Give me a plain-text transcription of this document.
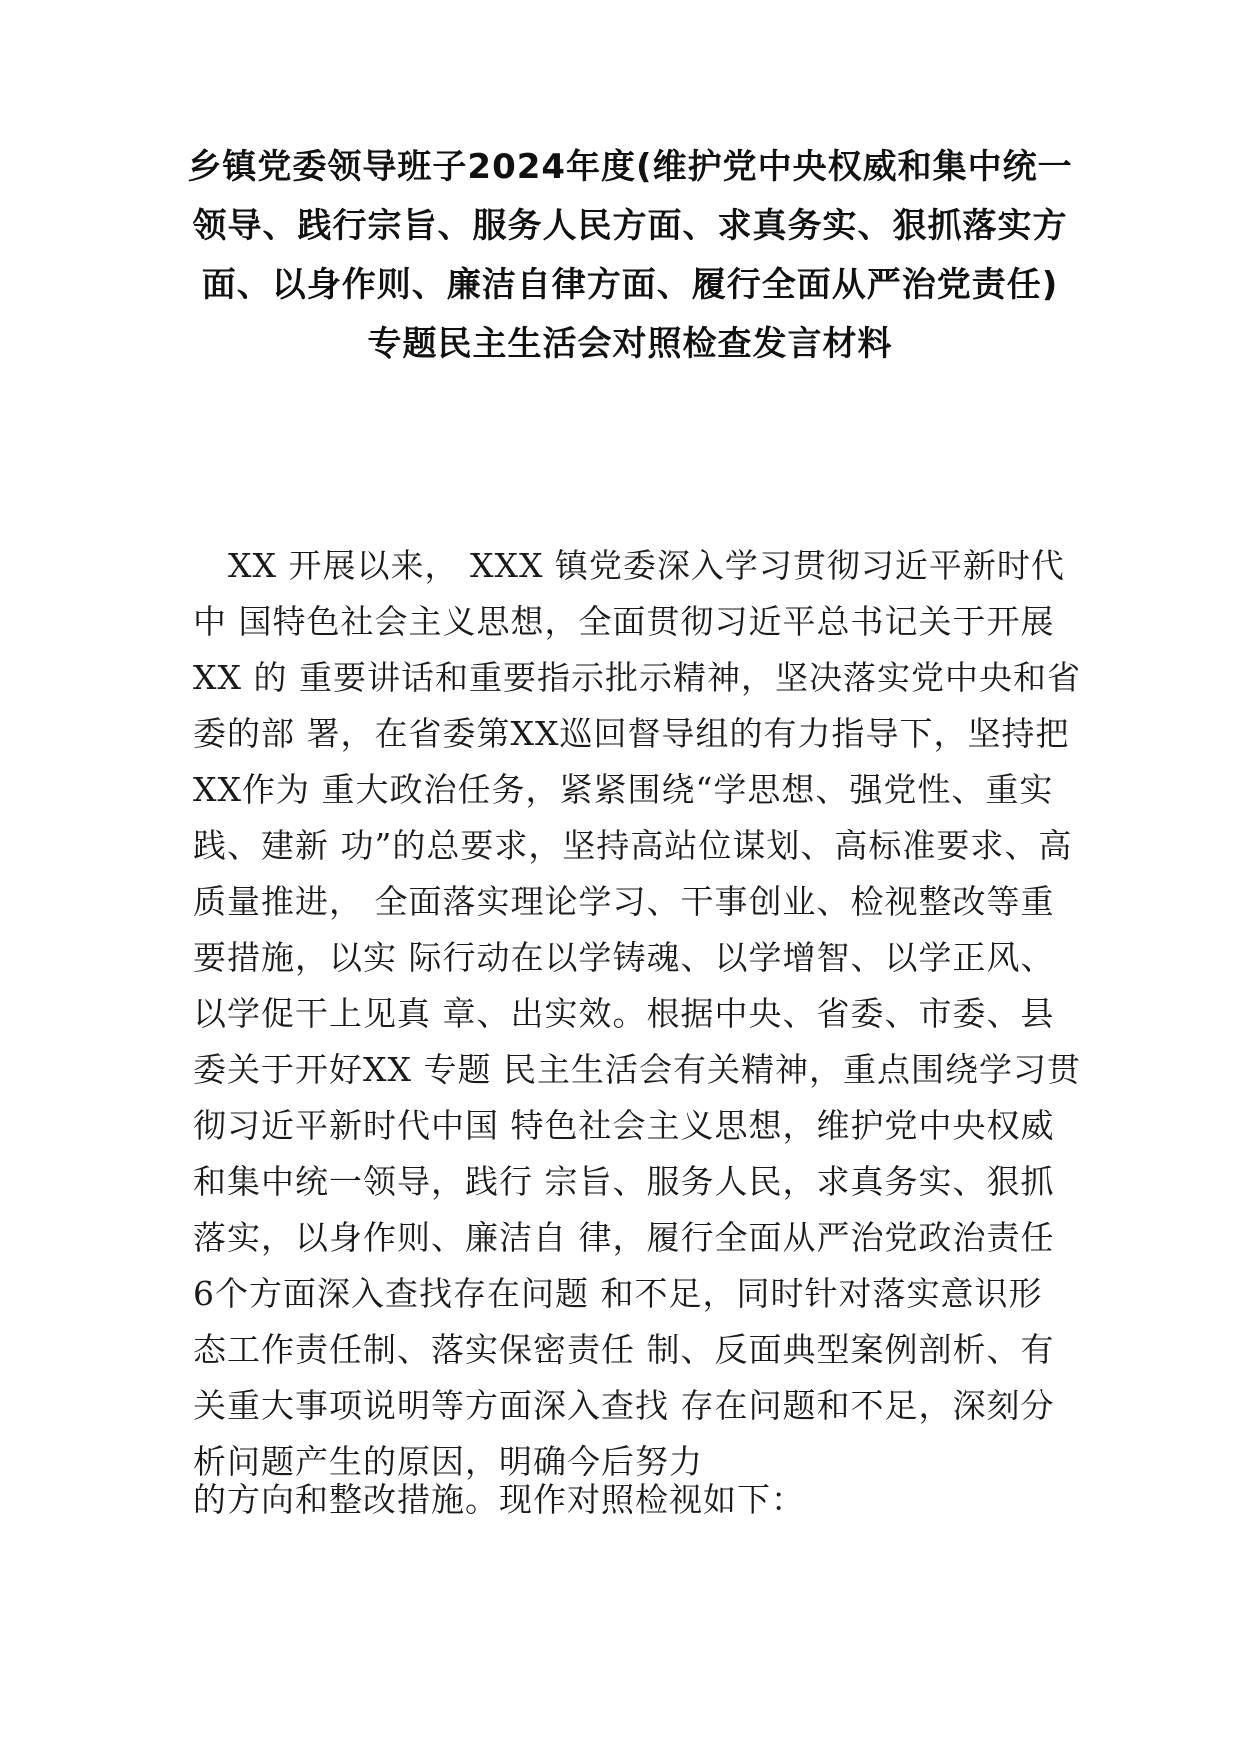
乡镇党委领导班子2024年度(维护党中央权威和集中统一
领导、践行宗旨、服务人民方面、求真务实、狠抓落实方
面、以身作则、廉洁自律方面、履行全面从严治党责任)
专题民主生活会对照检查发言材料
XX 开展以来， XXX 镇党委深入学习贯彻习近平新时代
中 国特色社会主义思想，全面贯彻习近平总书记关于开展
XX 的 重要讲话和重要指示批示精神，坚决落实党中央和省
委的部 署，在省委第XX巡回督导组的有力指导下，坚持把
XX作为 重大政治任务，紧紧围绕“学思想、强党性、重实
践、建新 功”的总要求，坚持高站位谋划、高标准要求、高
质量推进， 全面落实理论学习、干事创业、检视整改等重
要措施，以实 际行动在以学铸魂、以学增智、以学正风、
以学促干上见真 章、出实效。根据中央、省委、市委、县
委关于开好XX 专题 民主生活会有关精神，重点围绕学习贯
彻习近平新时代中国 特色社会主义思想，维护党中央权威
和集中统一领导，践行 宗旨、服务人民，求真务实、狠抓
落实，以身作则、廉洁自 律，履行全面从严治党政治责任
6个方面深入查找存在问题 和不足，同时针对落实意识形
态工作责任制、落实保密责任 制、反面典型案例剖析、有
关重大事项说明等方面深入查找 存在问题和不足，深刻分
析问题产生的原因，明确今后努力
的方向和整改措施。现作对照检视如下：
